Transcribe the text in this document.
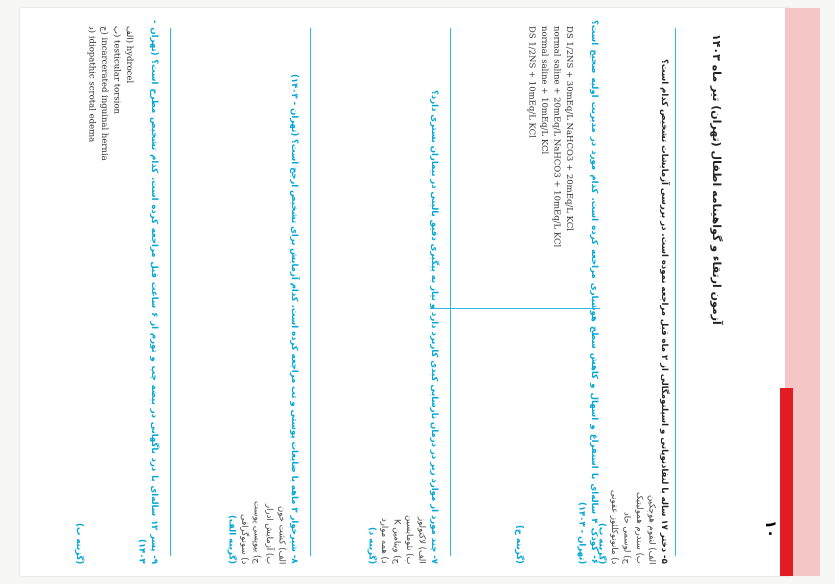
۱۰
آزمون ارتقاء و گواهینامه اطفال (تهران) تیر ماه ۱۴۰۳
۵- دختر ۱۷ ساله با لنفادنوپاتی و اسپلنومگالی از ۲ ماه قبل مراجعه نموده است. در بررسی آزمایشات تشخیص کدام است؟
الف) لنفوم هوچکین
ب) سندرم همولیتیک
ج) لوسمی حاد
د) مانونوکلئوز عفونی
(گزینه ب)
۶- کودک ۴ ساله‌ای با استفراغ و اسهال و کاهش سطح هوشیاری مراجعه کرده است. کدام مورد در مدیریت اولیه صحیح است؟ (تهران - ۱۴۰۳)
DS 1/2NS + 30mEq/L NaHCO3 + 20mEq/L KCl
normal saline + 20mEq/L NaHCO3 + 10mEq/L KCl
normal saline + 10mEq/L KCl
DS 1/2NS + 10mEq/L KCl
(گزینه ج)
۷- چند مورد از موارد زیر در درمان نارسایی کبدی کاربرد دارد و نیاز به پیگیری دقیق بالینی در بیماران بستری دارد؟
الف) لاکتولوز
ب) نئومایسین
ج) ویتامین K
د) همه موارد
(گزینه د)
۸- شیرخوار ۳ ماهه با ضایعات پوستی و تب مراجعه کرده است. کدام آزمایش برای تشخیص ارجح است؟ (تهران - ۱۴۰۳)
الف) کشت خون
ب) آزمایش ادرار
ج) بیوپسی پوست
د) سونوگرافی
(گزینه الف)
۹- پسر ۱۲ ساله‌ای با درد ناگهانی در بیضه چپ و تورم از ۶ ساعت قبل مراجعه کرده است. کدام تشخیص مطرح است؟ (تهران - ۱۴۰۳)
الف) hydrocel
ب) testicular torsion
ج) incarcerated inguinal hernia
د) idiopathic scrotal edema
(گزینه ب)
